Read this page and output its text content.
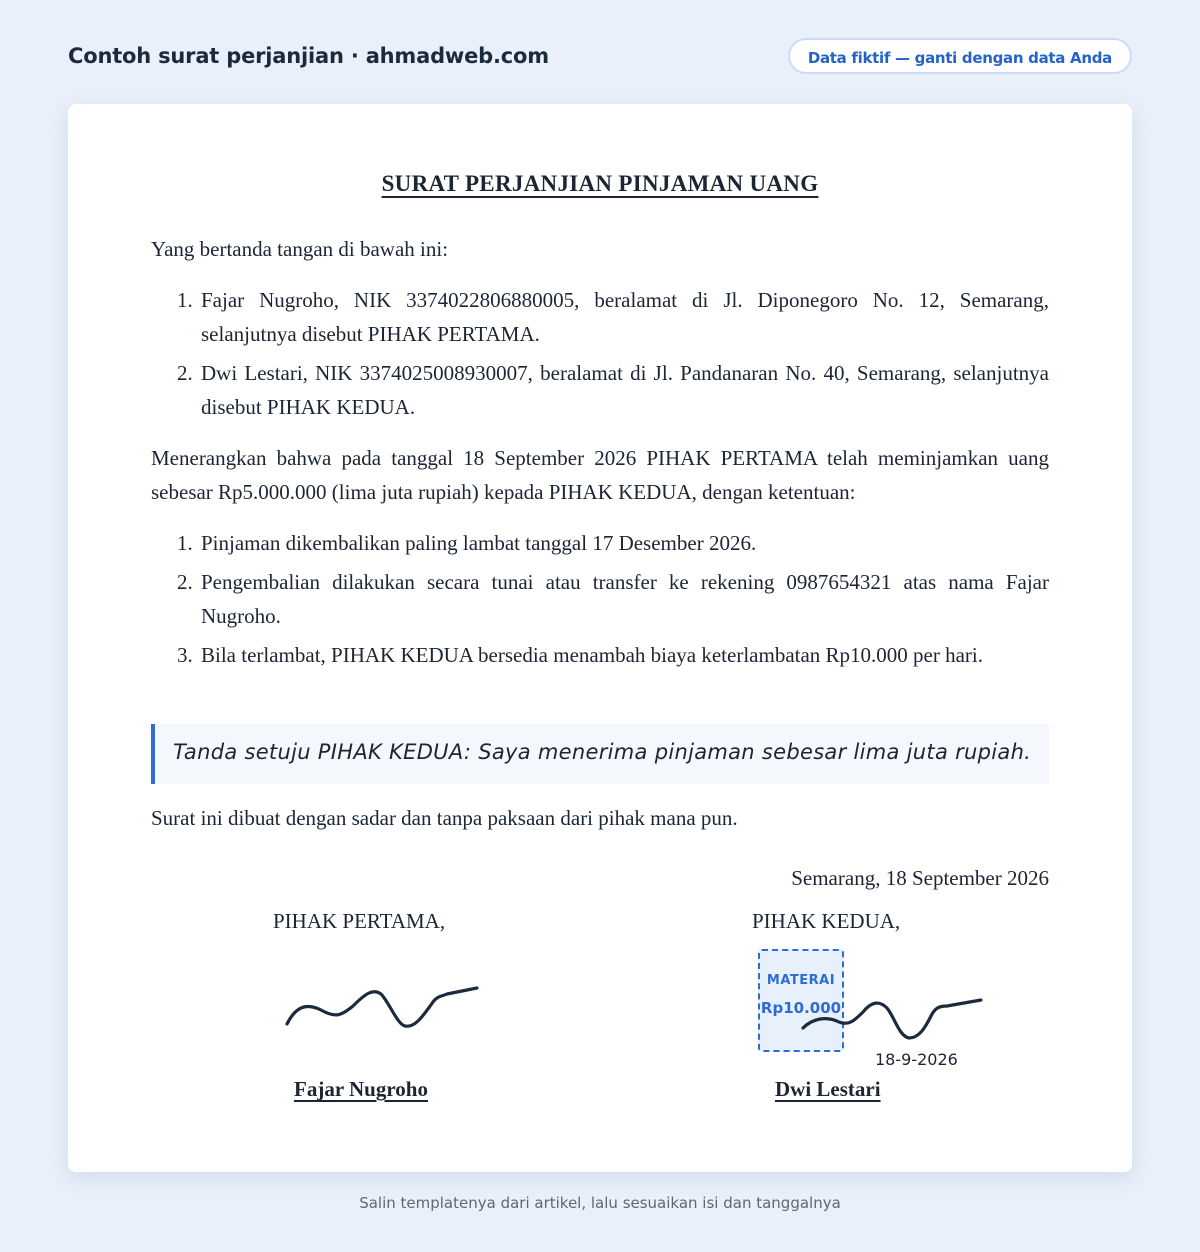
Contoh surat perjanjian · ahmadweb.com	Data fiktif — ganti dengan data Anda
SURAT PERJANJIAN PINJAMAN UANG
Yang bertanda tangan di bawah ini:
1. Fajar Nugroho, NIK 3374022806880005, beralamat di Jl. Diponegoro No. 12, Semarang, selanjutnya disebut PIHAK PERTAMA.
2. Dwi Lestari, NIK 3374025008930007, beralamat di Jl. Pandanaran No. 40, Semarang, selanjutnya disebut PIHAK KEDUA.
Menerangkan bahwa pada tanggal 18 September 2026 PIHAK PERTAMA telah meminjamkan uang sebesar Rp5.000.000 (lima juta rupiah) kepada PIHAK KEDUA, dengan ketentuan:
1. Pinjaman dikembalikan paling lambat tanggal 17 Desember 2026.
2. Pengembalian dilakukan secara tunai atau transfer ke rekening 0987654321 atas nama Fajar Nugroho.
3. Bila terlambat, PIHAK KEDUA bersedia menambah biaya keterlambatan Rp10.000 per hari.
Tanda setuju PIHAK KEDUA: Saya menerima pinjaman sebesar lima juta rupiah.
Surat ini dibuat dengan sadar dan tanpa paksaan dari pihak mana pun.
Semarang, 18 September 2026
PIHAK PERTAMA,	PIHAK KEDUA,
MATERAI
Rp10.000
18-9-2026
Fajar Nugroho	Dwi Lestari
Salin templatenya dari artikel, lalu sesuaikan isi dan tanggalnya
